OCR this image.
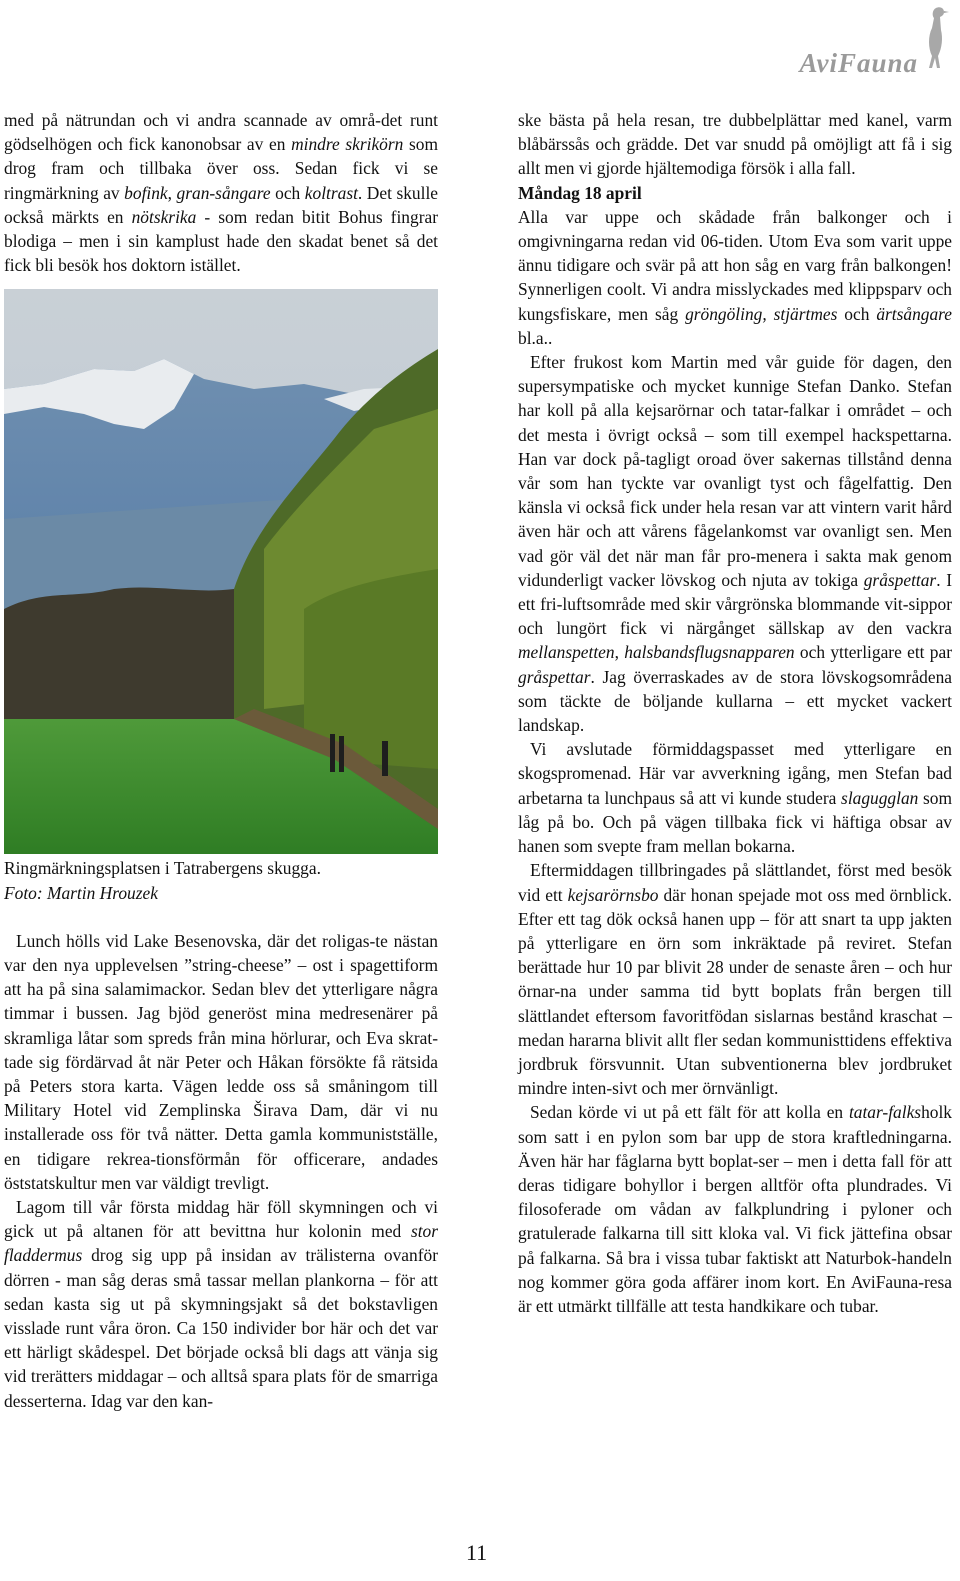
AviFauna

med på nätrundan och vi andra scannade av områ-det runt gödselhögen och fick kanonobsar av en mindre skrikörn som drog fram och tillbaka över oss. Sedan fick vi se ringmärkning av bofink, gran-sångare och koltrast. Det skulle också märkts en nötskrika - som redan bitit Bohus fingrar blodiga – men i sin kamplust hade den skadat benet så det fick bli besök hos doktorn istället.

Ringmärkningsplatsen i Tatrabergens skugga.
Foto: Martin Hrouzek

Lunch hölls vid Lake Besenovska, där det roligas-te nästan var den nya upplevelsen ”string-cheese” – ost i spagettiform att ha på sina salamimackor. Sedan blev det ytterligare några timmar i bussen. Jag bjöd generöst mina medresenärer på skramliga låtar som spreds från mina hörlurar, och Eva skrat-tade sig fördärvad åt när Peter och Håkan försökte få rätsida på Peters stora karta. Vägen ledde oss så småningom till Military Hotel vid Zemplinska Širava Dam, där vi nu installerade oss för två nätter. Detta gamla kommunistställe, en tidigare rekrea-tionsförmån för officerare, andades öststatskultur men var väldigt trevligt.

Lagom till vår första middag här föll skymningen och vi gick ut på altanen för att bevittna hur kolonin med stor fladdermus drog sig upp på insidan av trälisterna ovanför dörren - man såg deras små tassar mellan plankorna – för att sedan kasta sig ut på skymningsjakt så det bokstavligen visslade runt våra öron. Ca 150 individer bor här och det var ett härligt skådespel. Det började också bli dags att vänja sig vid trerätters middagar – och alltså spara plats för de smarriga desserterna. Idag var den kan-

ske bästa på hela resan, tre dubbelplättar med kanel, varm blåbärssås och grädde. Det var snudd på omöjligt att få i sig allt men vi gjorde hjältemodiga försök i alla fall.

Måndag 18 april

Alla var uppe och skådade från balkonger och i omgivningarna redan vid 06-tiden. Utom Eva som varit uppe ännu tidigare och svär på att hon såg en varg från balkongen! Synnerligen coolt. Vi andra misslyckades med klippsparv och kungsfiskare, men såg gröngöling, stjärtmes och ärtsångare bl.a..

Efter frukost kom Martin med vår guide för dagen, den supersympatiske och mycket kunnige Stefan Danko. Stefan har koll på alla kejsarörnar och tatar-falkar i området – och det mesta i övrigt också – som till exempel hackspettarna. Han var dock på-tagligt oroad över sakernas tillstånd denna vår som han tyckte var ovanligt tyst och fågelfattig. Den känsla vi också fick under hela resan var att vintern varit hård även här och att vårens fågelankomst var ovanligt sen. Men vad gör väl det när man får pro-menera i sakta mak genom vidunderligt vacker lövskog och njuta av tokiga gråspettar. I ett fri-luftsområde med skir vårgrönska blommande vit-sippor och lungört fick vi närgånget sällskap av den vackra mellanspetten, halsbandsflugsnapparen och ytterligare ett par gråspettar. Jag överraskades av de stora lövskogsområdena som täckte de böljande kullarna – ett mycket vackert landskap.

Vi avslutade förmiddagspasset med ytterligare en skogspromenad. Här var avverkning igång, men Stefan bad arbetarna ta lunchpaus så att vi kunde studera slagugglan som låg på bo. Och på vägen tillbaka fick vi häftiga obsar av hanen som svepte fram mellan bokarna.

Eftermiddagen tillbringades på slättlandet, först med besök vid ett kejsarörnsbo där honan spejade mot oss med örnblick. Efter ett tag dök också hanen upp – för att snart ta upp jakten på ytterligare en örn som inkräktade på reviret. Stefan berättade hur 10 par blivit 28 under de senaste åren – och hur örnar-na under samma tid bytt boplats från bergen till slättlandet eftersom favoritfödan sislarnas bestånd kraschat – medan hararna blivit allt fler sedan kommunisttidens effektiva jordbruk försvunnit. Utan subventionerna blev jordbruket mindre inten-sivt och mer örnvänligt.

Sedan körde vi ut på ett fält för att kolla en tatar-falksholk som satt i en pylon som bar upp de stora kraftledningarna. Även här har fåglarna bytt boplat-ser – men i detta fall för att deras tidigare bohyllor i bergen alltför ofta plundrades. Vi filosoferade om vådan av falkplundring i pyloner och gratulerade falkarna till sitt kloka val. Vi fick jättefina obsar på falkarna. Så bra i vissa tubar faktiskt att Naturbok-handeln nog kommer göra goda affärer inom kort. En AviFauna-resa är ett utmärkt tillfälle att testa handkikare och tubar.

11
